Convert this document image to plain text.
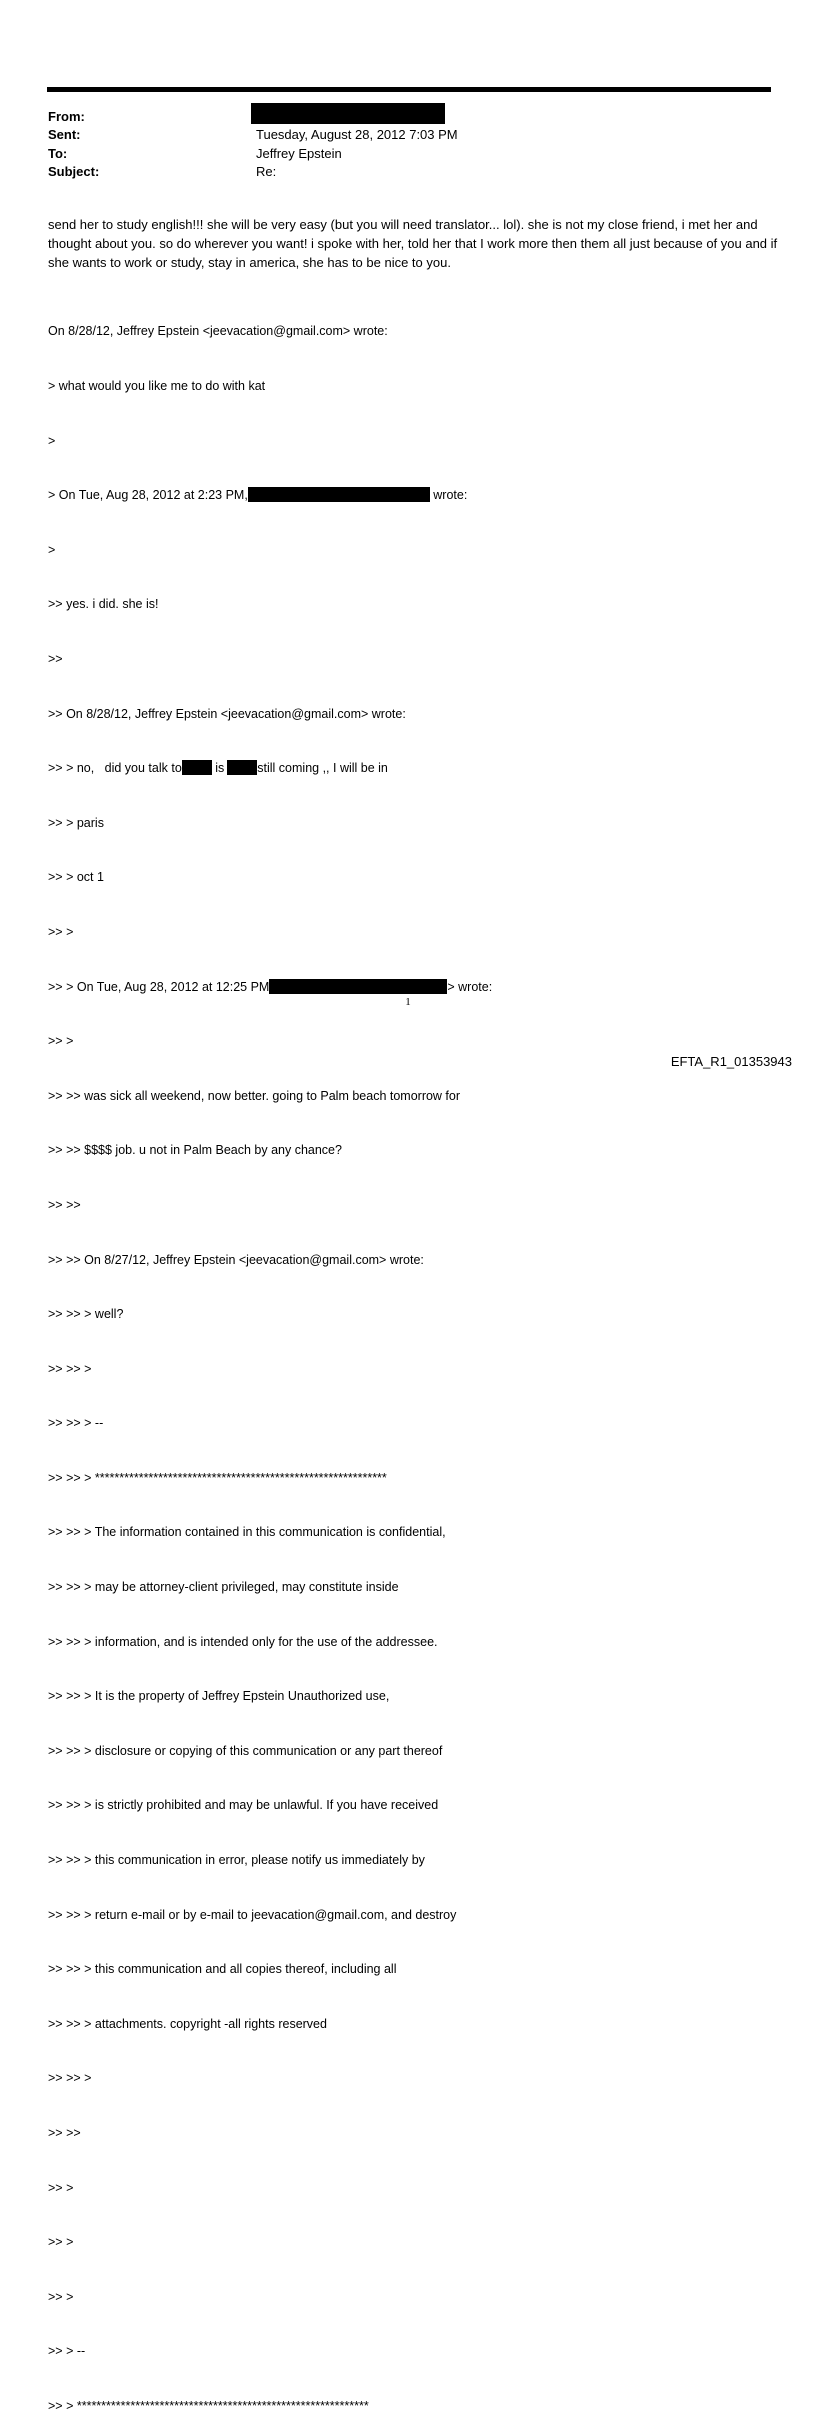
From:
Sent:	Tuesday, August 28, 2012 7:03 PM
To:	Jeffrey Epstein
Subject:	Re:
send her to study english!!! she will be very easy (but you will need translator... lol). she is not my close friend, i met her and thought about you. so do wherever you want! i spoke with her, told her that I work more then them all just because of you and if she wants to work or study, stay in america, she has to be nice to you.

On 8/28/12, Jeffrey Epstein <jeevacation@gmail.com> wrote:

> what would you like me to do with kat

>

> On Tue, Aug 28, 2012 at 2:23 PM,	wrote:

>

>> yes. i did. she is!

>>

>> On 8/28/12, Jeffrey Epstein <jeevacation@gmail.com> wrote:

>> > no,   did you talk to is	still coming ,, I will be in

>> > paris

>> > oct 1

>> >

>> > On Tue, Aug 28, 2012 at 12:25 PM	> wrote:

>> >

>> >> was sick all weekend, now better. going to Palm beach tomorrow for

>> >> $$$$ job. u not in Palm Beach by any chance?

>> >>

>> >> On 8/27/12, Jeffrey Epstein <jeevacation@gmail.com> wrote:

>> >> > well?

>> >> >

>> >> > --

>> >> > ************************************************************

>> >> > The information contained in this communication is confidential,

>> >> > may be attorney-client privileged, may constitute inside

>> >> > information, and is intended only for the use of the addressee.

>> >> > It is the property of Jeffrey Epstein Unauthorized use,

>> >> > disclosure or copying of this communication or any part thereof

>> >> > is strictly prohibited and may be unlawful. If you have received

>> >> > this communication in error, please notify us immediately by

>> >> > return e-mail or by e-mail to jeevacation@gmail.com, and destroy

>> >> > this communication and all copies thereof, including all

>> >> > attachments. copyright -all rights reserved

>> >> >

>> >>

>> >

>> >

>> >

>> > --

>> > ************************************************************

1
EFTA_R1_01353943
